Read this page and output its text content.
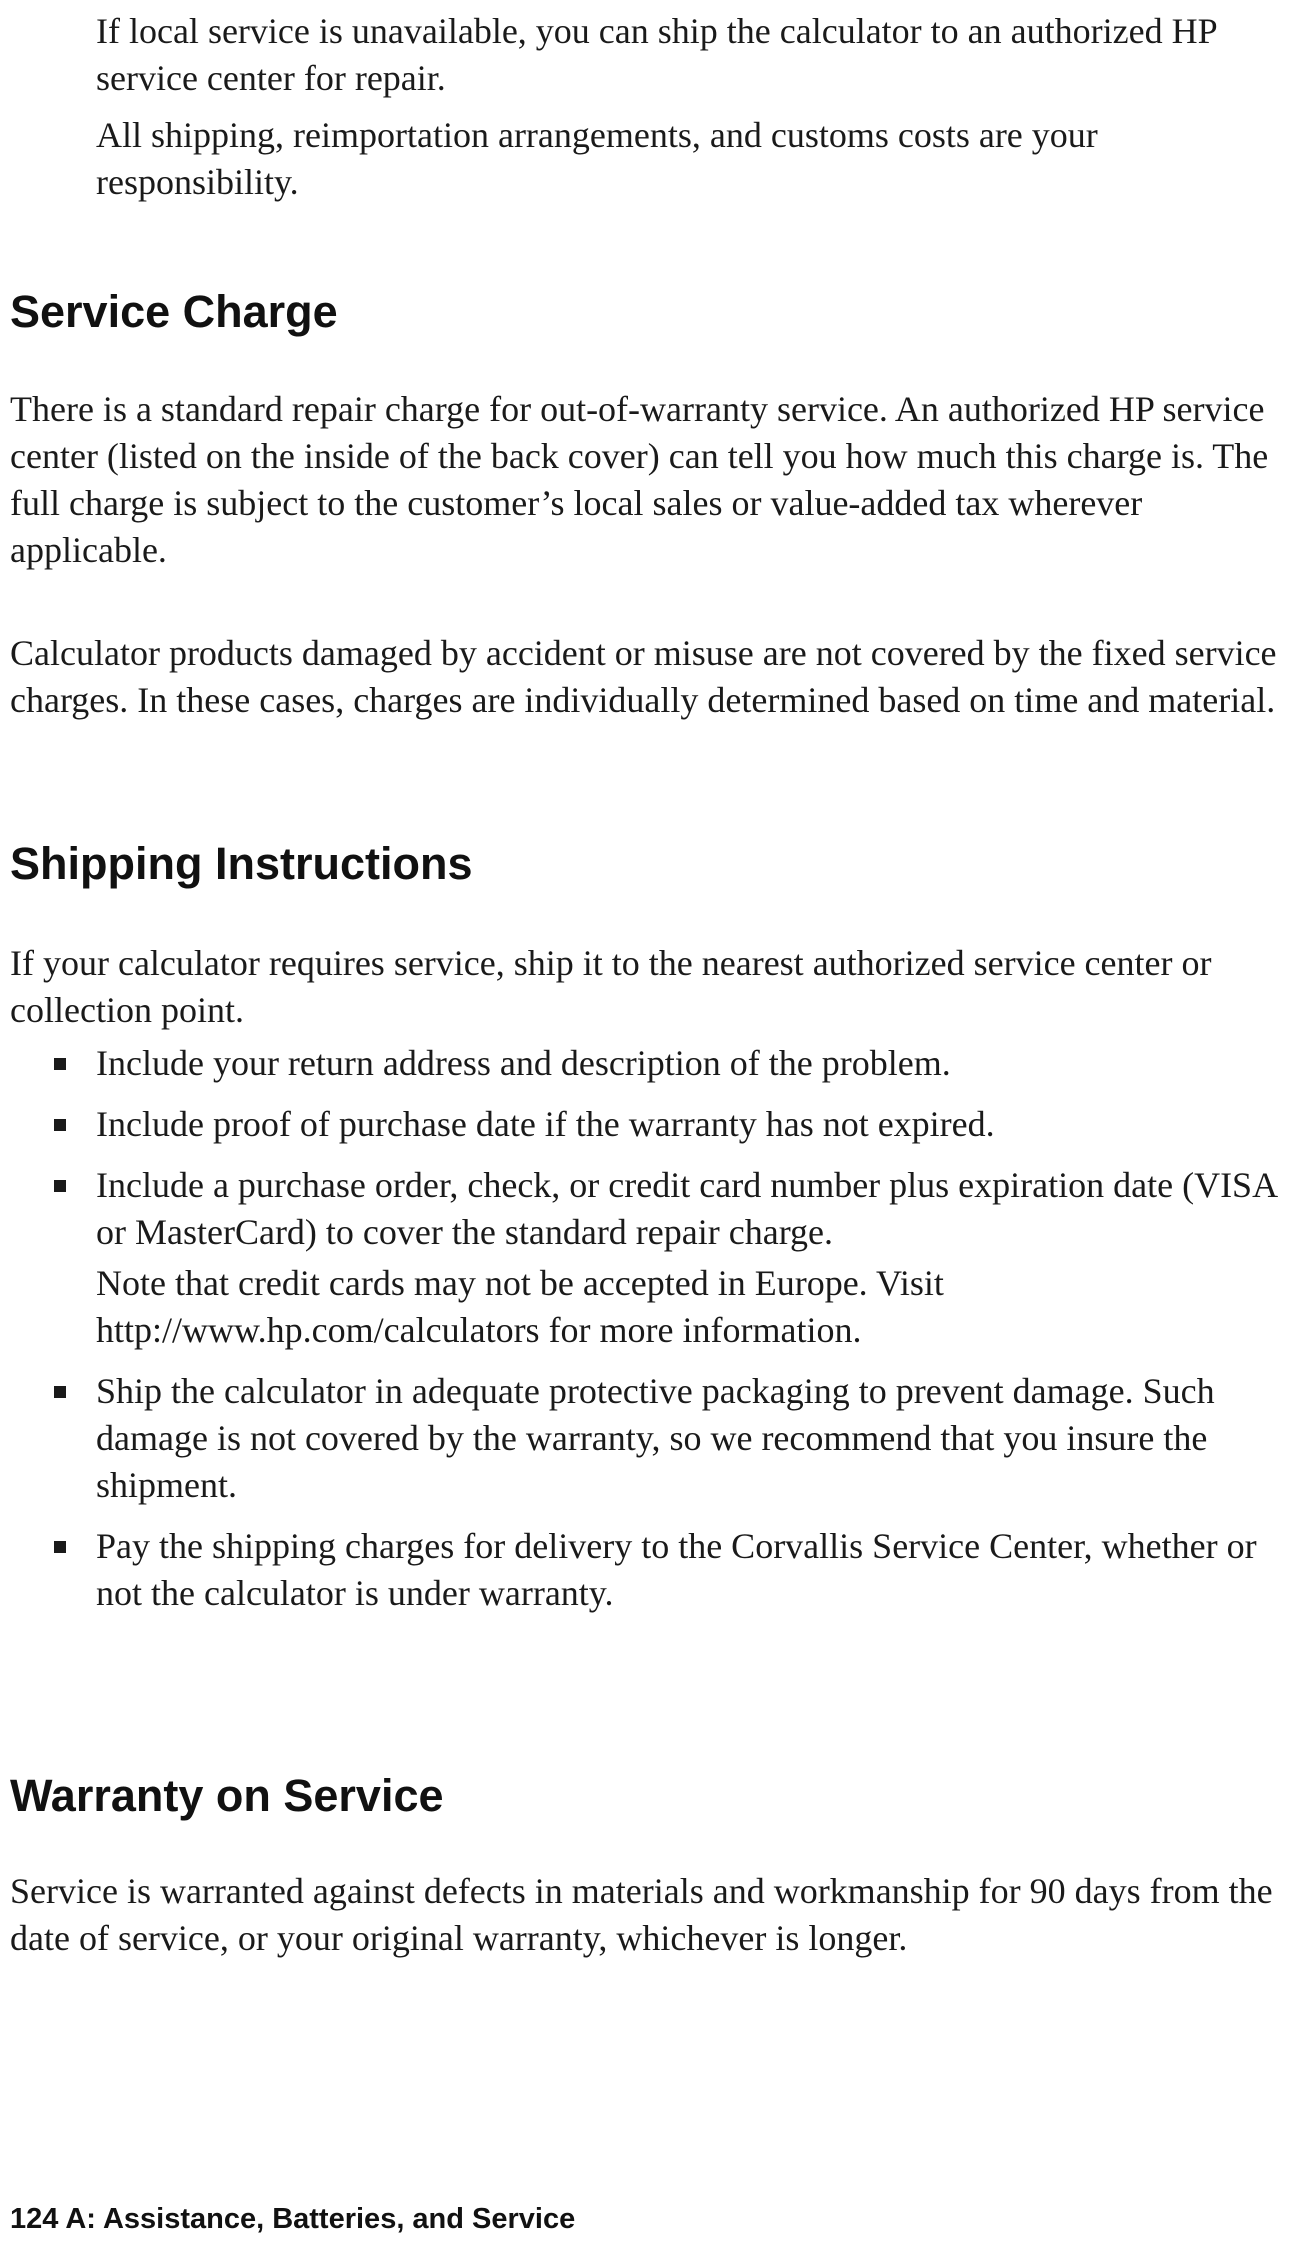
If local service is unavailable, you can ship the calculator to an authorized HP service center for repair.

All shipping, reimportation arrangements, and customs costs are your responsibility.

Service Charge

There is a standard repair charge for out-of-warranty service. An authorized HP service center (listed on the inside of the back cover) can tell you how much this charge is. The full charge is subject to the customer’s local sales or value-added tax wherever applicable.

Calculator products damaged by accident or misuse are not covered by the fixed service charges. In these cases, charges are individually determined based on time and material.

Shipping Instructions

If your calculator requires service, ship it to the nearest authorized service center or collection point.

Include your return address and description of the problem.
Include proof of purchase date if the warranty has not expired.
Include a purchase order, check, or credit card number plus expiration date (VISA or MasterCard) to cover the standard repair charge.

Note that credit cards may not be accepted in Europe. Visit http://www.hp.com/calculators for more information.

Ship the calculator in adequate protective packaging to prevent damage. Such damage is not covered by the warranty, so we recommend that you insure the shipment.
Pay the shipping charges for delivery to the Corvallis Service Center, whether or not the calculator is under warranty.
Warranty on Service

Service is warranted against defects in materials and workmanship for 90 days from the date of service, or your original warranty, whichever is longer.

124 A: Assistance, Batteries, and Service
